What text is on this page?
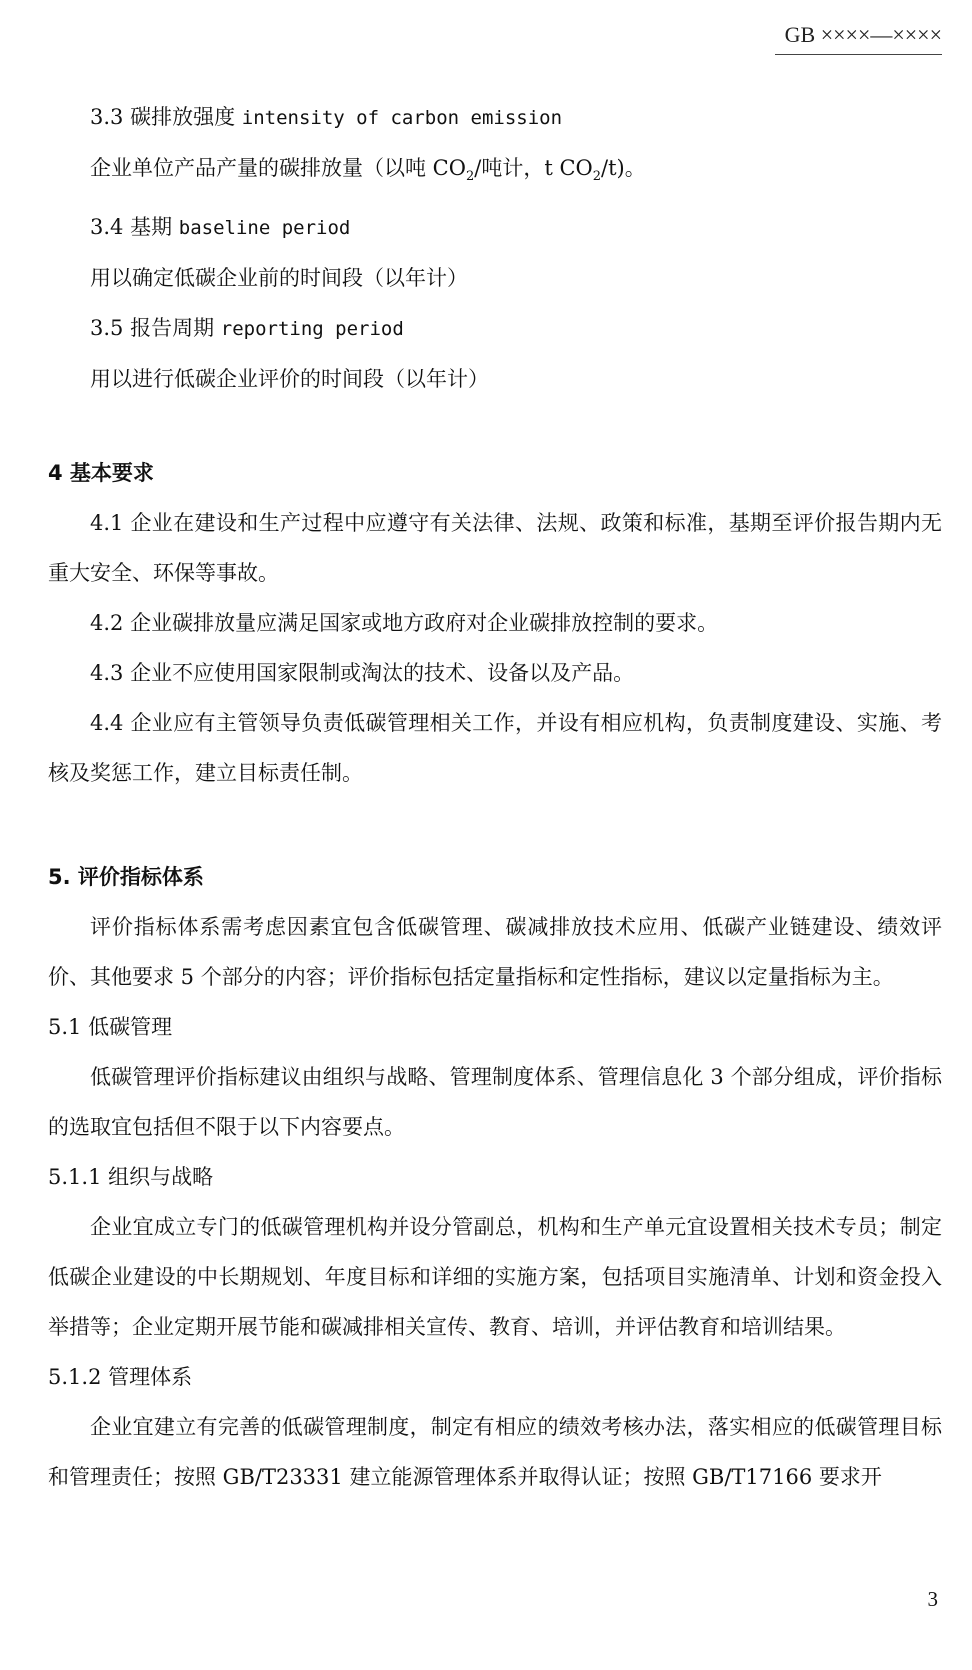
GB ××××—××××

3.3 碳排放强度 intensity of carbon emission

企业单位产品产量的碳排放量（以吨 $CO_2/$吨计，t $CO_2/t$)。

3.4 基期 baseline period

用以确定低碳企业前的时间段（以年计）

3.5 报告周期 reporting period

用以进行低碳企业评价的时间段（以年计）

4 基本要求

4.1 企业在建设和生产过程中应遵守有关法律、法规、政策和标准，基期至评价报告期内无重大安全、环保等事故。

4.2 企业碳排放量应满足国家或地方政府对企业碳排放控制的要求。

4.3 企业不应使用国家限制或淘汰的技术、设备以及产品。

4.4 企业应有主管领导负责低碳管理相关工作，并设有相应机构，负责制度建设、实施、考核及奖惩工作，建立目标责任制。

5. 评价指标体系

评价指标体系需考虑因素宜包含低碳管理、碳减排放技术应用、低碳产业链建设、绩效评价、其他要求 5 个部分的内容；评价指标包括定量指标和定性指标，建议以定量指标为主。

5.1 低碳管理

低碳管理评价指标建议由组织与战略、管理制度体系、管理信息化 3 个部分组成，评价指标的选取宜包括但不限于以下内容要点。

5.1.1 组织与战略

企业宜成立专门的低碳管理机构并设分管副总，机构和生产单元宜设置相关技术专员；制定低碳企业建设的中长期规划、年度目标和详细的实施方案，包括项目实施清单、计划和资金投入举措等；企业定期开展节能和碳减排相关宣传、教育、培训，并评估教育和培训结果。

5.1.2 管理体系

企业宜建立有完善的低碳管理制度，制定有相应的绩效考核办法，落实相应的低碳管理目标和管理责任；按照 GB/T23331 建立能源管理体系并取得认证；按照 GB/T17166 要求开

3
